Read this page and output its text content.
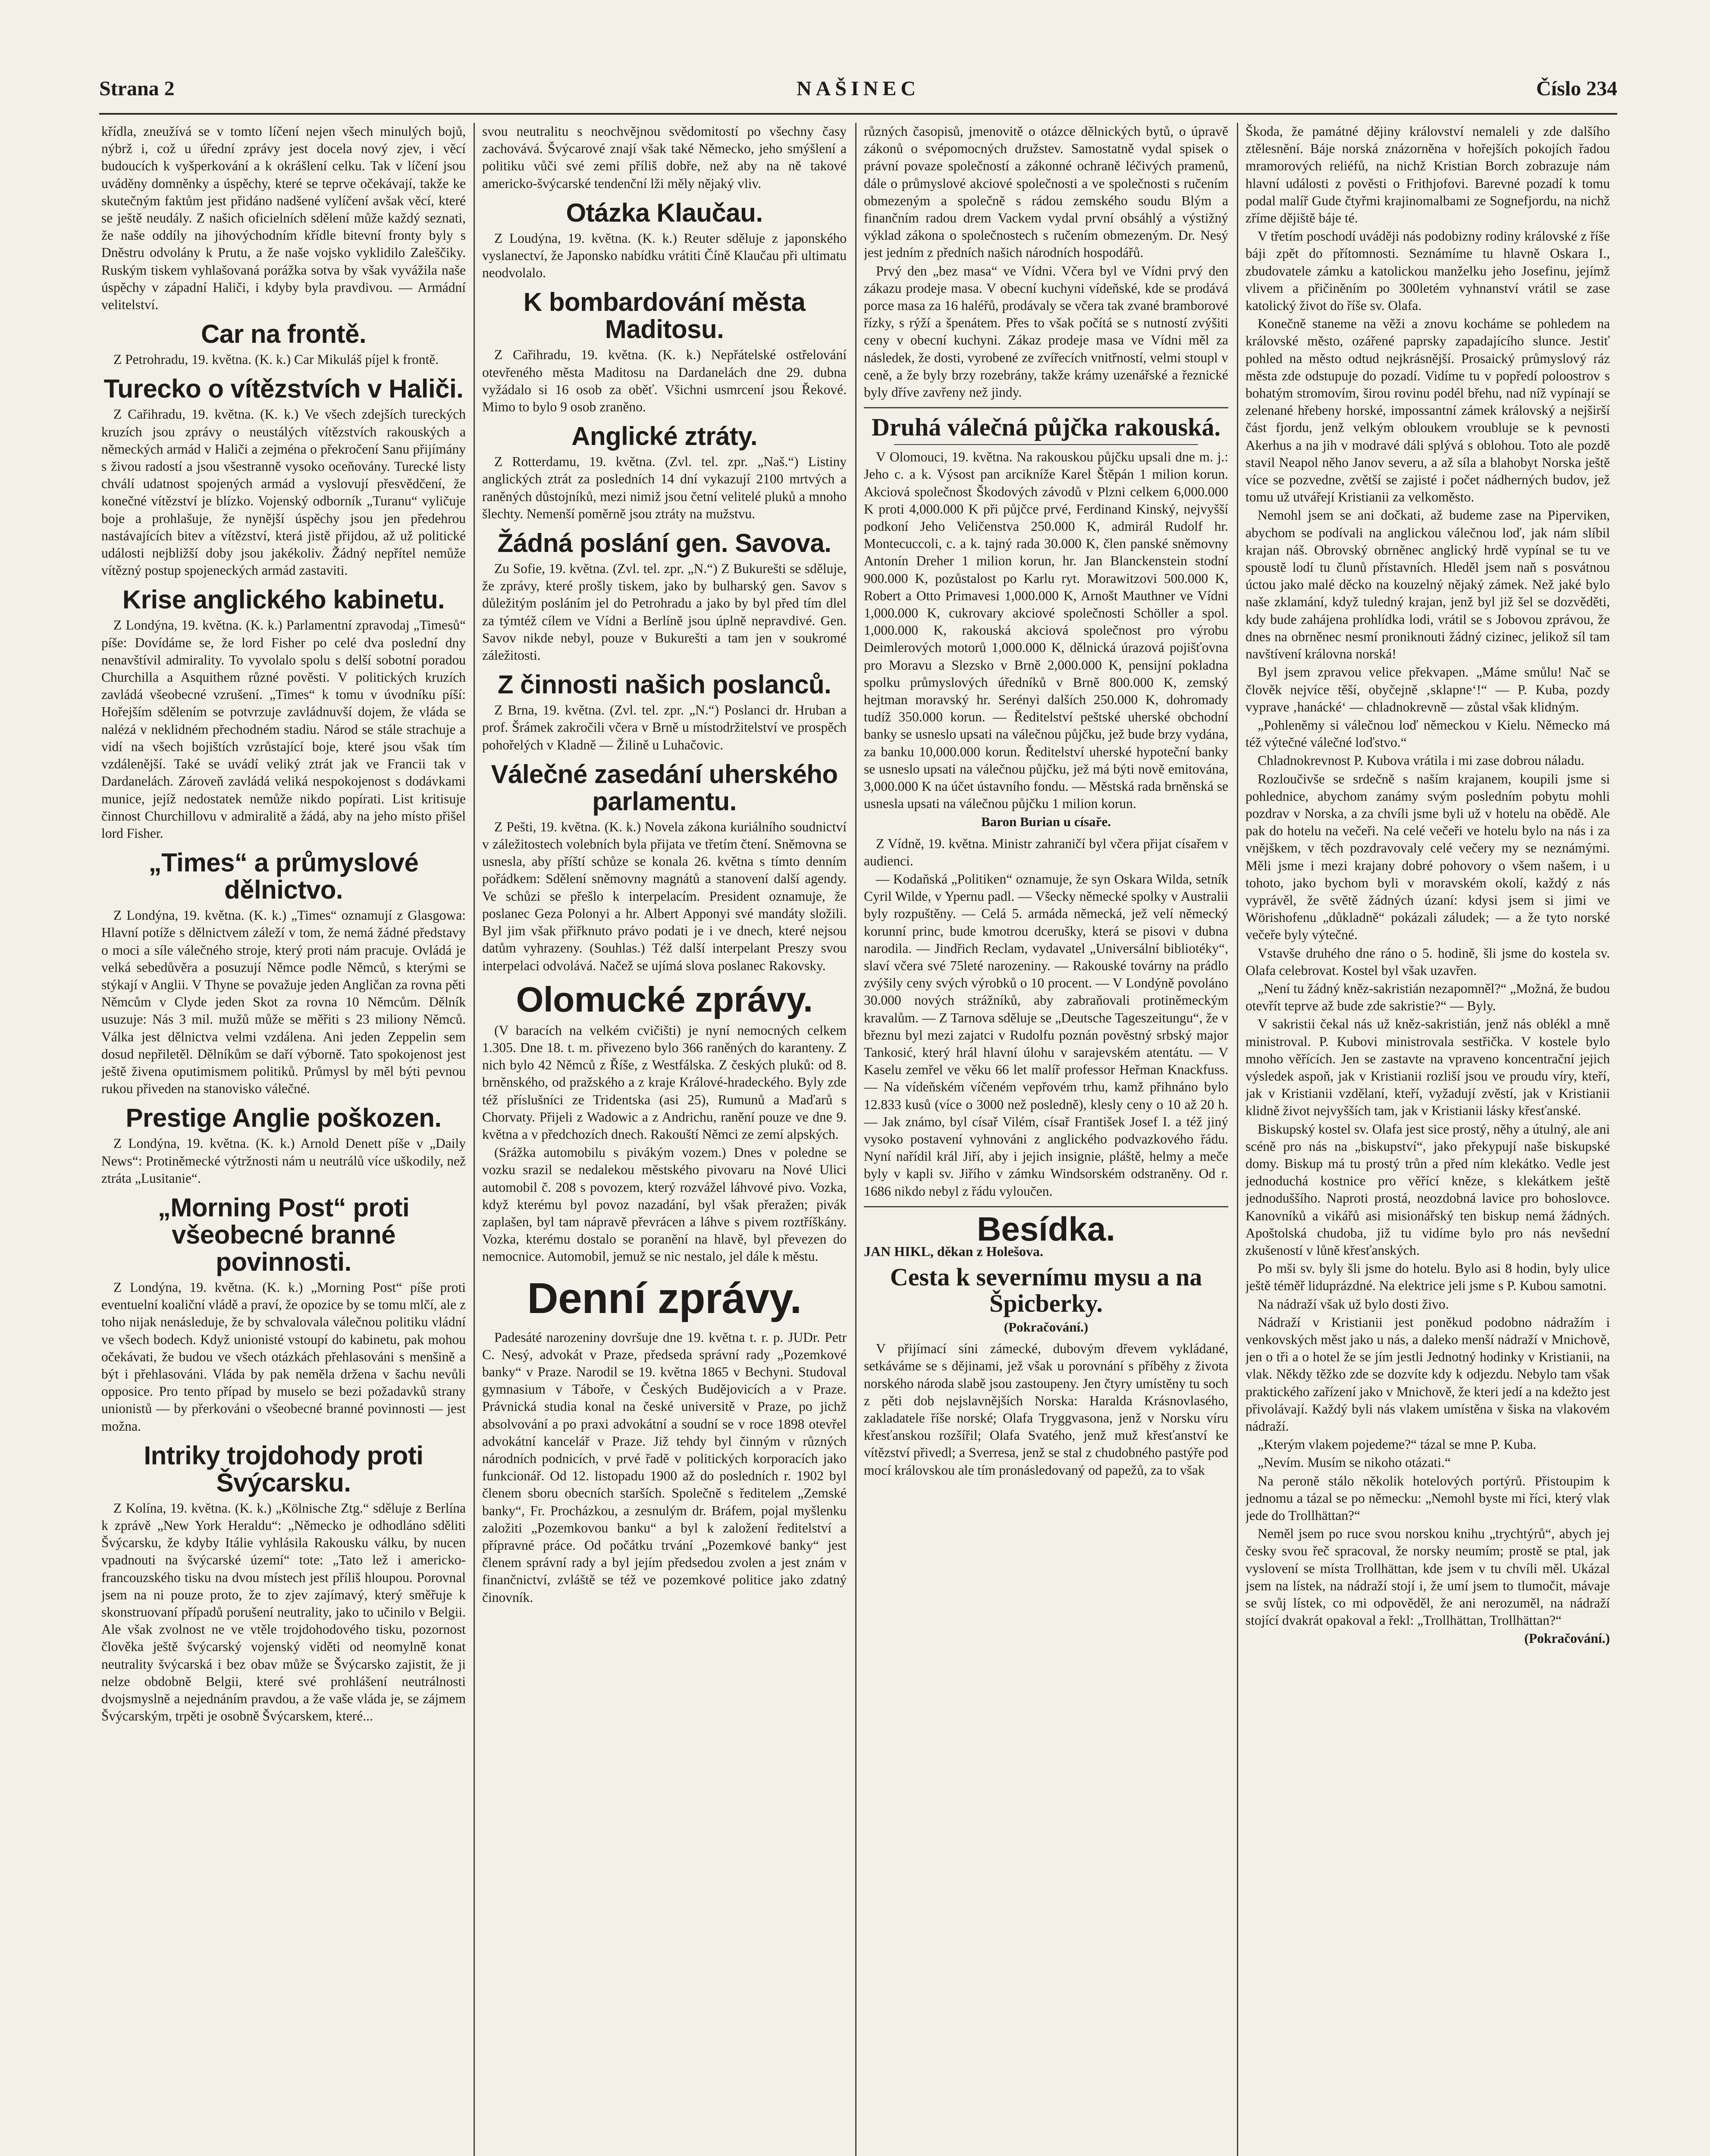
Strana 2	NAŠINEC	Číslo 234

křídla, zneužívá se v tomto líčení nejen všech minulých bojů, nýbrž i, což u úřední zprávy jest docela nový zjev, i věcí budoucích k vyšperkování a k okrášlení celku. Tak v líčení jsou uváděny domněnky a úspěchy, které se teprve očekávají, takže ke skutečným faktům jest přidáno nadšené vylíčení avšak věcí, které se ještě neudály. Z našich oficielních sdělení může každý seznati, že naše oddíly na jihovýchodním křídle bitevní fronty byly s Dněstru odvolány k Prutu, a že naše vojsko vyklidilo Zaleščiky. Ruským tiskem vyhlašovaná porážka sotva by však vyvážila naše úspěchy v západní Haliči, i kdyby byla pravdivou. — Armádní velitelství.

Car na frontě.

Z Petrohradu, 19. května. (K. k.) Car Mikuláš píjel k frontě.

Turecko o vítězstvích v Haliči.

Z Cařihradu, 19. května. (K. k.) Ve všech zdejších tureckých kruzích jsou zprávy o neustálých vítězstvích rakouských a německých armád v Haliči a zejména o překročení Sanu přijímány s živou radostí a jsou všestranně vysoko oceňovány. Turecké listy chválí udatnost spojených armád a vyslovují přesvědčení, že konečné vítězství je blízko. Vojenský odborník „Turanu“ vyličuje boje a prohlašuje, že nynější úspěchy jsou jen předehrou nastávajících bitev a vítězství, která jistě přijdou, až už politické události nejbližší doby jsou jakékoliv. Žádný nepřítel nemůže vítězný postup spojeneckých armád zastaviti.

Krise anglického kabinetu.

Z Londýna, 19. května. (K. k.) Parlamentní zpravodaj „Timesů“ píše: Dovídáme se, že lord Fisher po celé dva poslední dny nenavštívil admirality. To vyvolalo spolu s delší sobotní poradou Churchilla a Asquithem různé pověsti. V politických kruzích zavládá všeobecné vzrušení. „Times“ k tomu v úvodníku píší: Hořejším sdělením se potvrzuje zavládnuvší dojem, že vláda se nalézá v neklidném přechodném stadiu. Národ se stále strachuje a vidí na všech bojištích vzrůstající boje, které jsou však tím vzdálenější. Také se uvádí veliký ztrát jak ve Francii tak v Dardanelách. Zároveň zavládá veliká nespokojenost s dodávkami munice, jejíž nedostatek nemůže nikdo popírati. List kritisuje činnost Churchillovu v admiralitě a žádá, aby na jeho místo přišel lord Fisher.

„Times“ a průmyslové dělnictvo.

Z Londýna, 19. května. (K. k.) „Times“ oznamují z Glasgowa: Hlavní potíže s dělnictvem záleží v tom, že nemá žádné představy o moci a síle válečného stroje, který proti nám pracuje. Ovládá je velká sebedůvěra a posuzují Němce podle Němců, s kterými se stýkají v Anglii. V Thyne se považuje jeden Angličan za rovna pěti Němcům v Clyde jeden Skot za rovna 10 Němcům. Dělník usuzuje: Nás 3 mil. mužů může se měřiti s 23 miliony Němců. Válka jest dělnictva velmi vzdálena. Ani jeden Zeppelin sem dosud nepřiletěl. Dělníkům se daří výborně. Tato spokojenost jest ještě živena oputimismem politiků. Průmysl by měl býti pevnou rukou přiveden na stanovisko válečné.

Prestige Anglie poškozen.

Z Londýna, 19. května. (K. k.) Arnold Denett píše v „Daily News“: Protiněmecké výtržnosti nám u neutrálů více uškodily, než ztráta „Lusitanie“.

„Morning Post“ proti všeobecné branné povinnosti.

Z Londýna, 19. května. (K. k.) „Morning Post“ píše proti eventuelní koaliční vládě a praví, že opozice by se tomu mlčí, ale z toho nijak nenásleduje, že by schvalovala válečnou politiku vládní ve všech bodech. Když unionisté vstoupí do kabinetu, pak mohou očekávati, že budou ve všech otázkách přehlasováni s menšině a být i přehlasováni. Vláda by pak neměla držena v šachu nevůli opposice. Pro tento případ by muselo se bezi požadavků strany unionistů — by přerkováni o všeobecné branné povinnosti — jest možna.

Intriky trojdohody proti Švýcarsku.

Z Kolína, 19. května. (K. k.) „Kölnische Ztg.“ sděluje z Berlína k zprávě „New York Heraldu“: „Německo je odhodláno sděliti Švýcarsku, že kdyby Itálie vyhlásila Rakousku válku, by nucen vpadnouti na švýcarské území“ tote: „Tato lež i americko-francouzského tisku na dvou místech jest příliš hloupou. Porovnal jsem na ni pouze proto, že to zjev zajímavý, který směřuje k skonstruovaní případů porušení neutrality, jako to učinilo v Belgii. Ale však zvolnost ne ve vtěle trojdohodového tisku, pozornost člověka ještě švýcarský vojenský viděti od neomylně konat neutrality švýcarská i bez obav může se Švýcarsko zajistit, že ji nelze obdobně Belgii, které své prohlášení neutrálnosti dvojsmyslně a nejednáním pravdou, a že vaše vláda je, se zájmem Švýcarským, trpěti je osobně Švýcarskem, které...

svou neutralitu s neochvějnou svědomitostí po všechny časy zachovává. Švýcarové znají však také Německo, jeho smýšlení a politiku vůči své zemi příliš dobře, než aby na ně takové americko-švýcarské tendenční lži měly nějaký vliv.

Otázka Klaučau.

Z Loudýna, 19. května. (K. k.) Reuter sděluje z japonského vyslanectví, že Japonsko nabídku vrátiti Číně Klaučau při ultimatu neodvolalo.

K bombardování města Maditosu.

Z Cařihradu, 19. května. (K. k.) Nepřátelské ostřelování otevřeného města Maditosu na Dardanelách dne 29. dubna vyžádalo si 16 osob za oběť. Všichni usmrcení jsou Řekové. Mimo to bylo 9 osob zraněno.

Anglické ztráty.

Z Rotterdamu, 19. května. (Zvl. tel. zpr. „Naš.“) Listiny anglických ztrát za posledních 14 dní vykazují 2100 mrtvých a raněných důstojníků, mezi nimiž jsou četní velitelé pluků a mnoho šlechty. Nemenší poměrně jsou ztráty na mužstvu.

Žádná poslání gen. Savova.

Zu Sofie, 19. května. (Zvl. tel. zpr. „N.“) Z Bukurešti se sděluje, že zprávy, které prošly tiskem, jako by bulharský gen. Savov s důležitým posláním jel do Petrohradu a jako by byl před tím dlel za týmtéž cílem ve Vídni a Berlíně jsou úplně nepravdivé. Gen. Savov nikde nebyl, pouze v Bukurešti a tam jen v soukromé záležitosti.

Z činnosti našich poslanců.

Z Brna, 19. května. (Zvl. tel. zpr. „N.“) Poslanci dr. Hruban a prof. Šrámek zakročili včera v Brně u místodržitelství ve prospěch pohořelých v Kladně — Žilině u Luhačovic.

Válečné zasedání uherského parlamentu.

Z Pešti, 19. května. (K. k.) Novela zákona kuriálního soudnictví v záležitostech volebních byla přijata ve třetím čtení. Sněmovna se usnesla, aby příští schůze se konala 26. května s tímto denním pořádkem: Sdělení sněmovny magnátů a stanovení další agendy. Ve schůzi se přešlo k interpelacím. President oznamuje, že poslanec Geza Polonyi a hr. Albert Apponyi své mandáty složili. Byl jim však přiřknuto právo podati je i ve dnech, které nejsou datům vyhrazeny. (Souhlas.) Též další interpelant Preszy svou interpelaci odvolává. Načež se ujímá slova poslanec Rakovsky.

Olomucké zprávy.

(V baracích na velkém cvičišti) je nyní nemocných celkem 1.305. Dne 18. t. m. přivezeno bylo 366 raněných do karanteny. Z nich bylo 42 Němců z Říše, z Westfálska. Z českých pluků: od 8. brněnského, od pražského a z kraje Králové-hradeckého. Byly zde též příslušníci ze Tridentska (asi 25), Rumunů a Maďarů s Chorvaty. Přijeli z Wadowic a z Andrichu, ranění pouze ve dne 9. května a v předchozích dnech. Rakouští Němci ze zemí alpských.

(Srážka automobilu s pivákým vozem.) Dnes v poledne se vozku srazil se nedalekou městského pivovaru na Nové Ulici automobil č. 208 s povozem, který rozvážel láhvové pivo. Vozka, když kterému byl povoz nazadání, byl však přeražen; pivák zaplašen, byl tam nápravě převrácen a láhve s pivem roztříškány. Vozka, kterému dostalo se poranění na hlavě, byl převezen do nemocnice. Automobil, jemuž se nic nestalo, jel dále k městu.

Denní zprávy.

Padesáté narozeniny dovršuje dne 19. května t. r. p. JUDr. Petr C. Nesý, advokát v Praze, předseda správní rady „Pozemkové banky“ v Praze. Narodil se 19. května 1865 v Bechyni. Studoval gymnasium v Táboře, v Českých Budějovicích a v Praze. Právnická studia konal na české universitě v Praze, po jichž absolvování a po praxi advokátní a soudní se v roce 1898 otevřel advokátní kancelář v Praze. Již tehdy byl činným v různých národních podnicích, v prvé řadě v politických korporacích jako funkcionář. Od 12. listopadu 1900 až do posledních r. 1902 byl členem sboru obecních starších. Společně s ředitelem „Zemské banky“, Fr. Procházkou, a zesnulým dr. Bráfem, pojal myšlenku založiti „Pozemkovou banku“ a byl k založení ředitelství a přípravné práce. Od počátku trvání „Pozemkové banky“ jest členem správní rady a byl jejím předsedou zvolen a jest znám v finančnictví, zvláště se též ve pozemkové politice jako zdatný činovník.

různých časopisů, jmenovitě o otázce dělnických bytů, o úpravě zákonů o svépomocných družstev. Samostatně vydal spisek o právní povaze společností a zákonné ochraně léčivých pramenů, dále o průmyslové akciové společnosti a ve společnosti s ručením obmezeným a společně s rádou zemského soudu Blým a finančním radou drem Vackem vydal první obsáhlý a výstižný výklad zákona o společnostech s ručením obmezeným. Dr. Nesý jest jedním z předních našich národních hospodářů.

Prvý den „bez masa“ ve Vídni. Včera byl ve Vídni prvý den zákazu prodeje masa. V obecní kuchyni vídeňské, kde se prodává porce masa za 16 haléřů, prodávaly se včera tak zvané bramborové řízky, s rýží a špenátem. Přes to však počítá se s nutností zvýšiti ceny v obecní kuchyni. Zákaz prodeje masa ve Vídni měl za následek, že dosti, vyrobené ze zvířecích vnitřností, velmi stoupl v ceně, a že byly brzy rozebrány, takže krámy uzenářské a řeznické byly dříve zavřeny než jindy.

Druhá válečná půjčka rakouská.

V Olomouci, 19. května. Na rakouskou půjčku upsali dne m. j.: Jeho c. a k. Výsost pan arcikníže Karel Štěpán 1 milion korun. Akciová společnost Škodových závodů v Plzni celkem 6,000.000 K proti 4,000.000 K při půjčce prvé, Ferdinand Kinský, nejvyšší podkoní Jeho Veličenstva 250.000 K, admirál Rudolf hr. Montecuccoli, c. a k. tajný rada 30.000 K, člen panské sněmovny Antonín Dreher 1 milion korun, hr. Jan Blanckenstein stodní 900.000 K, pozůstalost po Karlu ryt. Morawitzovi 500.000 K, Robert a Otto Primavesi 1,000.000 K, Arnošt Mauthner ve Vídni 1,000.000 K, cukrovary akciové společnosti Schöller a spol. 1,000.000 K, rakouská akciová společnost pro výrobu Deimlerových motorů 1,000.000 K, dělnická úrazová pojišťovna pro Moravu a Slezsko v Brně 2,000.000 K, pensijní pokladna spolku průmyslových úředníků v Brně 800.000 K, zemský hejtman moravský hr. Serényi dalších 250.000 K, dohromady tudíž 350.000 korun. — Ředitelství peštské uherské obchodní banky se usneslo upsati na válečnou půjčku, jež bude brzy vydána, za banku 10,000.000 korun. Ředitelství uherské hypoteční banky se usneslo upsati na válečnou půjčku, jež má býti nově emitována, 3,000.000 K na účet ústavního fondu. — Městská rada brněnská se usnesla upsati na válečnou půjčku 1 milion korun.

Baron Burian u císaře.

Z Vídně, 19. května. Ministr zahraničí byl včera přijat císařem v audienci.

— Kodaňská „Politiken“ oznamuje, že syn Oskara Wilda, setník Cyril Wilde, v Ypernu padl. — Všecky německé spolky v Australii byly rozpuštěny. — Celá 5. armáda německá, jež velí německý korunní princ, bude kmotrou dcerušky, která se pisovi v dubna narodila. — Jindřich Reclam, vydavatel „Universální bibliotéky“, slaví včera své 75leté narozeniny. — Rakouské továrny na prádlo zvýšily ceny svých výrobků o 10 procent. — V Londýně povoláno 30.000 nových strážníků, aby zabraňovali protiněmeckým kravalům. — Z Tarnova sděluje se „Deutsche Tageszeitungu“, že v březnu byl mezi zajatci v Rudolfu poznán pověstný srbský major Tankosić, který hrál hlavní úlohu v sarajevském atentátu. — V Kaselu zemřel ve věku 66 let malíř professor Heřman Knackfuss. — Na vídeňském víčeném vepřovém trhu, kamž přihnáno bylo 12.833 kusů (více o 3000 než posledně), klesly ceny o 10 až 20 h. — Jak známo, byl císař Vilém, císař František Josef I. a též jiný vysoko postavení vyhnováni z anglického podvazkového řádu. Nyní nařídil král Jiří, aby i jejich insignie, pláště, helmy a meče byly v kapli sv. Jiřího v zámku Windsorském odstraněny. Od r. 1686 nikdo nebyl z řádu vyloučen.

Besídka.
JAN HIKL, děkan z Holešova.
Cesta k severnímu mysu a na Špicberky.
(Pokračování.)

V přijímací síni zámecké, dubovým dřevem vykládané, setkáváme se s dějinami, jež však u porovnání s příběhy z života norského národa slabě jsou zastoupeny. Jen čtyry umístěny tu soch z pěti dob nejslavnějších Norska: Haralda Krásnovlasého, zakladatele říše norské; Olafa Tryggvasona, jenž v Norsku víru křesťanskou rozšířil; Olafa Svatého, jenž muž křesťanství ke vítězství přivedl; a Sverresa, jenž se stal z chudobného pastýře pod mocí královskou ale tím pronásledovaný od papežů, za to však

Škoda, že památné dějiny království nemaleli y zde dalšího ztělesnění. Báje norská znázorněna v hořejších pokojích řadou mramorových reliéfů, na nichž Kristian Borch zobrazuje nám hlavní události z pověsti o Frithjofovi. Barevné pozadí k tomu podal malíř Gude čtyřmi krajinomalbami ze Sognefjordu, na nichž zříme dějiště báje té.

V třetím poschodí uváději nás podobizny rodiny královské z říše báji zpět do přítomnosti. Seznámíme tu hlavně Oskara I., zbudovatele zámku a katolickou manželku jeho Josefinu, jejímž vlivem a přičiněním po 300letém vyhnanství vrátil se zase katolický život do říše sv. Olafa.

Konečně staneme na věži a znovu kocháme se pohledem na královské město, ozářené paprsky zapadajícího slunce. Jestiť pohled na město odtud nejkrásnější. Prosaický průmyslový ráz města zde odstupuje do pozadí. Vidíme tu v popředí poloostrov s bohatým stromovím, širou rovinu podél břehu, nad níž vypínají se zelenané hřebeny horské, impossantní zámek královský a nejširší část fjordu, jenž velkým obloukem vroubluje se k pevnosti Akerhus a na jih v modravé dáli splývá s oblohou. Toto ale pozdě stavil Neapol něho Janov severu, a až síla a blahobyt Norska ještě více se pozvedne, zvětší se zajisté i počet nádherných budov, jež tomu už utvářejí Kristianii za velkoměsto.

Nemohl jsem se ani dočkati, až budeme zase na Piperviken, abychom se podívali na anglickou válečnou loď, jak nám slíbil krajan náš. Obrovský obrněnec anglický hrdě vypínal se tu ve spoustě lodí tu člunů přístavních. Hleděl jsem naň s posvátnou úctou jako malé děcko na kouzelný nějaký zámek. Než jaké bylo naše zklamání, když tuledný krajan, jenž byl již šel se dozvěděti, kdy bude zahájena prohlídka lodi, vrátil se s Jobovou zprávou, že dnes na obrněnec nesmí proniknouti žádný cizinec, jelikož síl tam navštívení královna norská!

Byl jsem zpravou velice překvapen. „Máme smůlu! Nač se člověk nejvíce těší, obyčejně ‚sklapne‘!“ — P. Kuba, pozdy vyprave ‚hanácké‘ — chladnokrevně — zůstal však klidným.

„Pohleněmy si válečnou loď německou v Kielu. Německo má též výtečné válečné loďstvo.“

Chladnokrevnost P. Kubova vrátila i mi zase dobrou náladu.

Rozloučivše se srdečně s naším krajanem, koupili jsme si pohlednice, abychom zanámy svým posledním pobytu mohli pozdrav v Norska, a za chvíli jsme byli už v hotelu na obědě. Ale pak do hotelu na večeři. Na celé večeři ve hotelu bylo na nás i za vnějškem, v těch pozdravovaly celé večery my se neznámými. Měli jsme i mezi krajany dobré pohovory o všem našem, i u tohoto, jako bychom byli v moravském okolí, každý z nás vyprávěl, že světě žádných úzaní: kdysi jsem si jimi ve Wörishofenu „důkladně“ pokázali záludek; — a že tyto norské večeře byly výtečné.

Vstavše druhého dne ráno o 5. hodině, šli jsme do kostela sv. Olafa celebrovat. Kostel byl však uzavřen.

„Není tu žádný kněz-sakristián nezapomněl?“ „Možná, že budou otevřít teprve až bude zde sakristie?“ — Byly.

V sakristii čekal nás už kněz-sakristián, jenž nás oblékl a mně ministroval. P. Kubovi ministrovala sestřička. V kostele bylo mnoho věřících. Jen se zastavte na vpraveno koncentrační jejich výsledek aspoň, jak v Kristianii rozliší jsou ve proudu víry, kteří, jak v Kristianii vzdělaní, kteří, vyžadují zvěstí, jak v Kristianii klidně život nejvyšších tam, jak v Kristianii lásky křesťanské.

Biskupský kostel sv. Olafa jest sice prostý, něhy a útulný, ale ani scéně pro nás na „biskupství“, jako překypují naše biskupské domy. Biskup má tu prostý trůn a před ním klekátko. Vedle jest jednoduchá kostnice pro věřící kněze, s klekátkem ještě jednoduššího. Naproti prostá, neozdobná lavice pro bohoslovce. Kanovníků a vikářů asi misionářský ten biskup nemá žádných. Apoštolská chudoba, již tu vidíme bylo pro nás nevšední zkušeností v lůně křesťanských.

Po mši sv. byly šli jsme do hotelu. Bylo asi 8 hodin, byly ulice ještě téměř liduprázdné. Na elektrice jeli jsme s P. Kubou samotni.

Na nádraží však už bylo dosti živo.

Nádraží v Kristianii jest poněkud podobno nádražím i venkovských měst jako u nás, a daleko menší nádraží v Mnichově, jen o tři a o hotel že se jím jestli Jednotný hodinky v Kristianii, na vlak. Někdy těžko zde se dozvíte kdy k odjezdu. Nebylo tam však praktického zařízení jako v Mnichově, že kteri jedí a na kdežto jest přivolávají. Každý byli nás vlakem umístěna v šiska na vlakovém nádraží.

„Kterým vlakem pojedeme?“ tázal se mne P. Kuba.

„Nevím. Musím se nikoho otázati.“

Na peroně stálo několik hotelových portýrů. Přistoupim k jednomu a tázal se po německu: „Nemohl byste mi říci, který vlak jede do Trollhättan?“

Neměl jsem po ruce svou norskou knihu „trychtýrů“, abych jej česky svou řeč spracoval, že norsky neumím; prostě se ptal, jak vyslovení se místa Trollhättan, kde jsem v tu chvíli měl. Ukázal jsem na lístek, na nádraží stojí i, že umí jsem to tlumočit, mávaje se svůj lístek, co mi odpověděl, že ani nerozuměl, na nádraží stojící dvakrát opakoval a řekl: „Trollhättan, Trollhättan?“

(Pokračování.)
